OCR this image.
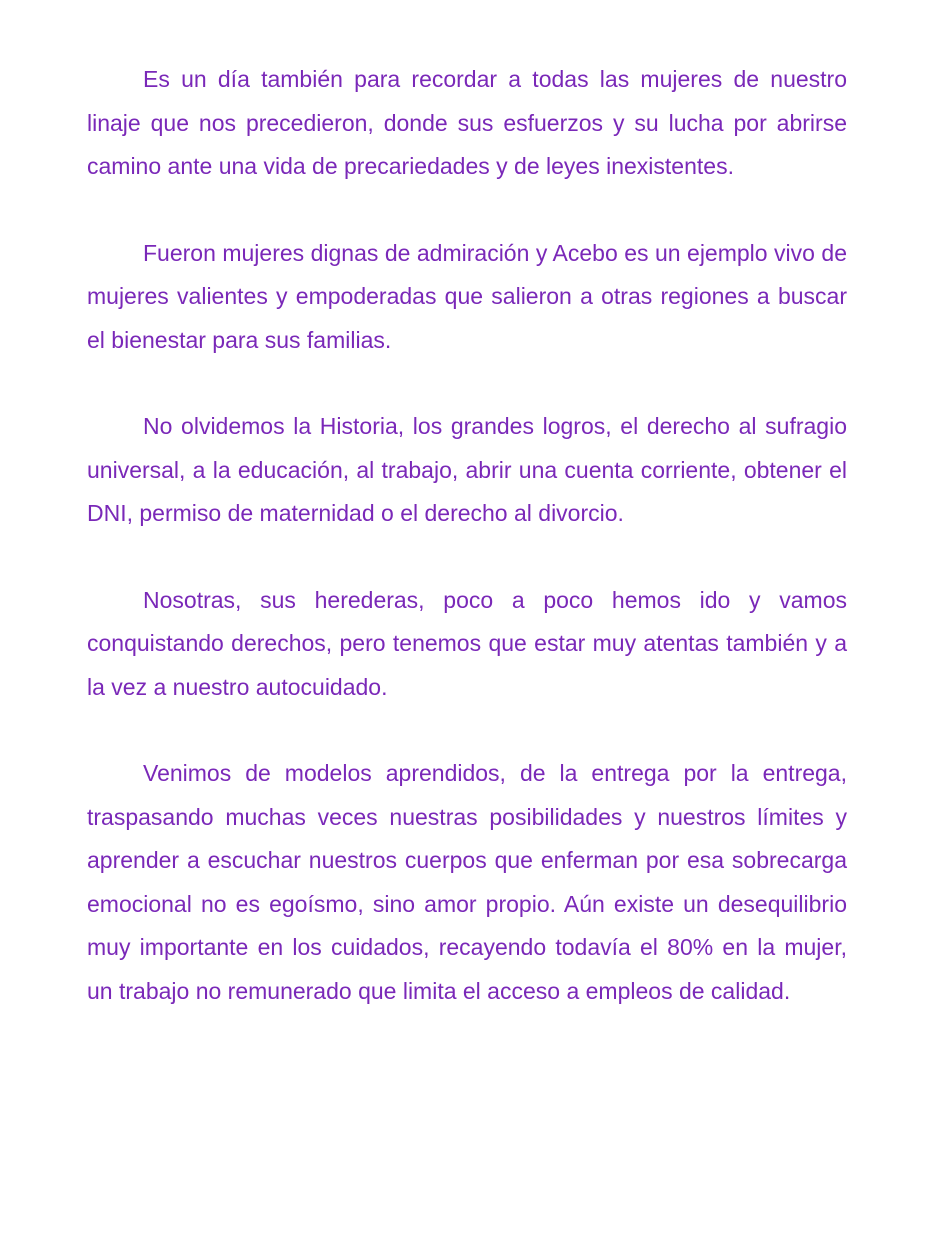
Es un día también para recordar a todas las mujeres de nuestro linaje que nos precedieron, donde sus esfuerzos y su lucha por abrirse camino ante una vida de precariedades y de leyes inexistentes.

Fueron mujeres dignas de admiración y Acebo es un ejemplo vivo de mujeres valientes y empoderadas que salieron a otras regiones a buscar el bienestar para sus familias.

No olvidemos la Historia, los grandes logros, el derecho al sufragio universal, a la educación, al trabajo, abrir una cuenta corriente, obtener el DNI, permiso de maternidad o el derecho al divorcio.

Nosotras, sus herederas, poco a poco hemos ido y vamos conquistando derechos, pero tenemos que estar muy atentas también y a la vez a nuestro autocuidado.

Venimos de modelos aprendidos, de la entrega por la entrega, traspasando muchas veces nuestras posibilidades y nuestros límites y aprender a escuchar nuestros cuerpos que enferman por esa sobrecarga emocional no es egoísmo, sino amor propio. Aún existe un desequilibrio muy importante en los cuidados, recayendo todavía el 80% en la mujer, un trabajo no remunerado que limita el acceso a empleos de calidad.
